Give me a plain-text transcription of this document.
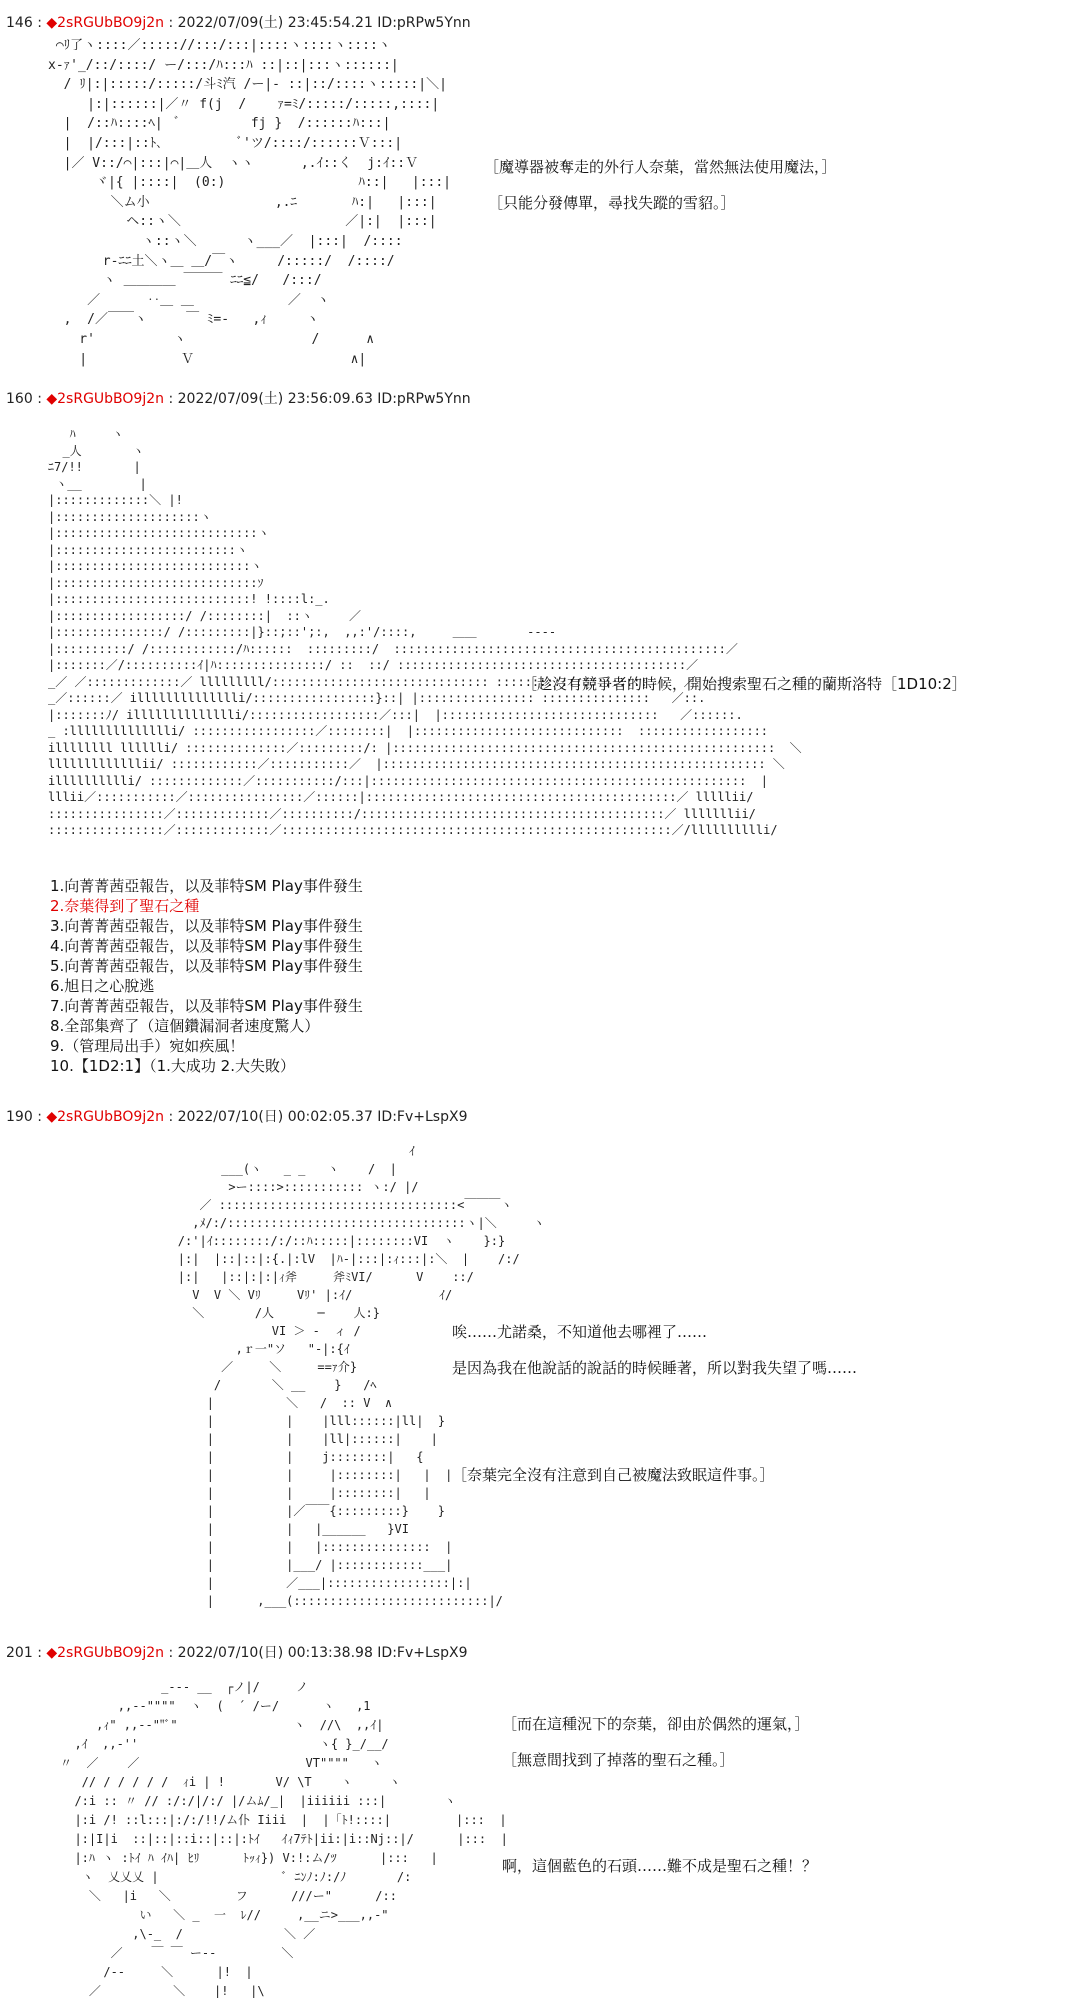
146 : ◆2sRGUbBO9j2n : 2022/07/09(土) 23:45:54.21 ID:pRPw5Ynn
⌒ﾘ了ヽ::::／::::://:::/:::|::::ヽ::::ヽ::::ヽ
x‐ｧ'_/::/::::/ ー/:::/ﾊ:::ﾊ ::|::|:::ヽ::::::|
/ ﾘ|:|:::::/:::::/斗ﾐ汽 /ー|- ::|::/::::ヽ:::::|＼|
|:|::::::|／〃 f(j  /    ｧ=ﾐ/:::::/:::::,::::|
|  /::ﾊ::::ﾍ|  ﾞ         fj }  /::::::ﾊ:::|
|  |/:::|::ﾄ､          ﾞ'ツ/::::/::::::Ｖ:::|
|／ V::/⌒|:::|⌒|＿人  ヽヽ      ,.ｲ::く  j:ｲ::Ｖ
ヾ|{ |::::|  (0:)                 ﾊ::|   |:::|
＼ム小                ,.ﾆ       ﾊ:|   |:::|
ヘ::ヽ＼                     ／|:|  |:::|
ヽ::ヽ＼      ヽ___／  |:::|  /::::
r‐ﾆﾆ土＼ヽ＿ ＿/￣ヽ     /:::::/  /::::/
ヽ ＿＿＿＿ ￣￣￣ ﾆﾆ≦/   /:::/
／      ‥＿ ＿            ／  ヽ
,  /／￣￣ヽ     ￣ ﾐ=-   ,ｨ     ヽ
r'          ヽ                /      ∧
|            Ｖ                    ∧|
［魔導器被奪走的外行人奈葉，當然無法使用魔法，］
［只能分發傳單，尋找失蹤的雪貂。］
160 : ◆2sRGUbBO9j2n : 2022/07/09(土) 23:56:09.63 ID:pRPw5Ynn
ﾊ     ヽ
_人       ヽ
ﾆ7/!!       |
ヽ__        |
|:::::::::::::＼ |!
|::::::::::::::::::::ヽ
|::::::::::::::::::::::::::::ヽ
|:::::::::::::::::::::::::ヽ
|:::::::::::::::::::::::::::ヽ
|::::::::::::::::::::::::::::ｿ
|:::::::::::::::::::::::::::! !::::l:_.
|::::::::::::::::::/ /::::::::|  ::ヽ     ／
|:::::::::::::::/ /:::::::::|}::;::';:,  ,,:'/::::,     ＿＿       ‐‐‐‐
|::::::::::/ /::::::::::::/ﾊ::::::  :::::::::/  ::::::::::::::::::::::::::::::::::::::::::::::／
|:::::::／/::::::::::ｲ|ﾊ:::::::::::::::/ ::  ::/ ::::::::::::::::::::::::::::::::::::::::／
_／ ／:::::::::::::／ lllllllll/:::::::::::::::::::::::::::::: :::::::::::::::::::::     ／
_／::::::／ illlllllllllllli/:::::::::::::::::}::| |:::::::::::::::: :::::::::::::::   ／::.
|:::::::ﾉ/ illlllllllllllli/::::::::::::::::::／:::|  |::::::::::::::::::::::::::::::   ／::::::.
_ :lllllllllllllli/ :::::::::::::::::／::::::::|  |:::::::::::::::::::::::::::::  ::::::::::::::::::
illllllll lllllli/ ::::::::::::::／:::::::::/: |:::::::::::::::::::::::::::::::::::::::::::::::::::::  ＼
lllllllllllllii/ ::::::::::::／:::::::::::／  |::::::::::::::::::::::::::::::::::::::::::::::::::::: ＼
illlllllllli/ :::::::::::::／:::::::::::/:::|::::::::::::::::::::::::::::::::::::::::::::::::::::  |
lllii／:::::::::::／::::::::::::::::／::::::|:::::::::::::::::::::::::::::::::::::::::::／ lllllii/
::::::::::::::::／:::::::::::::／::::::::::/::::::::::::::::::::::::::::::::::::::::::／ lllllllii/
::::::::::::::::／:::::::::::::／::::::::::::::::::::::::::::::::::::::::::::::::::::::／/lllllllllli/
［趁沒有競爭者的時候，開始搜索聖石之種的蘭斯洛特［1D10:2］
1.向菁菁茜亞報告，以及菲特SM Play事件發生
2.奈葉得到了聖石之種
3.向菁菁茜亞報告，以及菲特SM Play事件發生
4.向菁菁茜亞報告，以及菲特SM Play事件發生
5.向菁菁茜亞報告，以及菲特SM Play事件發生
6.旭日之心脫逃
7.向菁菁茜亞報告，以及菲特SM Play事件發生
8.全部集齊了（這個鑽漏洞者速度驚人）
9.（管理局出手）宛如疾風！
10.【1D2:1】（1.大成功 2.大失敗）
190 : ◆2sRGUbBO9j2n : 2022/07/10(日) 00:02:05.37 ID:Fv+LspX9
ｲ
___(ヽ   _ _   ヽ    /  |
>ー::::>::::::::::: ヽ:/ |/
／ :::::::::::::::::::::::::::::::::<￣￣￣ヽ
,ﾒ/:/:::::::::::::::::::::::::::::::::ヽ|＼     ヽ
/:'|ｲ::::::::/:/::ﾊ:::::|::::::::VI  ヽ    }:}
|:|  |::|::|:{.|:lV  |ﾊ-|:::|:ｨ:::|:＼  |    /:/
|:|   |::|:|:|ｨ斧     斧ﾐVI/      V    ::/
V  V ＼ Vﾘ     Vﾘ' |:ｲ/            ｲ/
＼       /人      ─    人:}
VI ＞ -  ィ /
,ｒ一"ソ   "-|:{ｲ
／     ＼     ==ｧ介}
/       ＼ __    }   /ﾍ
|          ＼   /  :: V  ∧
|          |    |lll::::::|ll|  }
|          |    |ll|::::::|    |
|          |    j::::::::|   {
|          |     |::::::::|   |  |
|          |     |::::::::|   |
|          |／￣￣{:::::::::}    }
|          |   |______   }VI
|          |   |:::::::::::::::  |
|          |___/ |::::::::::::___|
|          ／___|:::::::::::::::::|:|
|      ,___(:::::::::::::::::::::::::::|/
唉……尤諾桑，不知道他去哪裡了……
是因為我在他說話的說話的時候睡著，所以對我失望了嗎……
［奈葉完全沒有注意到自己被魔法致眠這件事。］
201 : ◆2sRGUbBO9j2n : 2022/07/10(日) 00:13:38.98 ID:Fv+LspX9
_--- __  ┌ノ|/     ノ
,,-‐""""  ヽ  (  ´ /ー/      ヽ   ,1
,ｨ" ,,-‐""ﾞ"                ヽ  //\  ,,ｲ|
,ｲ  ,,-''                         ヽ{ }_/__/
〃  ／    ／                       VT""""   ヽ
// / / / / /  ｨi | !       V/ \T    ヽ     ヽ
/:i :: 〃 // :/:/|/:/ |/ムﾑ/_|  |iiiiii :::|        ヽ
|:i /! ::l:::|:/:/!!/ム仆 Iiii  |  |「ﾄ!::::|         |:::  |
|:|I|i  ::|::|::i::|::|:ﾄｲ   ｲｨ7ﾃﾄ|ii:|i::Nj::|/      |:::  |
|:ﾊ ヽ :ﾄｲ ﾊ ｲﾊ| ﾋﾘ      ﾄｯｨ}) V:!:ム/ﾂ      |:::   |
ヽ  乂乂乂 |                 ﾞ ﾆﾝﾉ:ﾉ:/ﾉ       /:
＼   |i   ＼         フ      ///ー"      /::
い   ＼ _  一  ﾚ//     ,__ニ>___,,-"
,\-_  /              ＼ ／
／    ￣ ￣ ー--         ＼
/--     ＼      |!  |
／          ＼    |!   |\
［而在這種況下的奈葉，卻由於偶然的運氣，］
［無意間找到了掉落的聖石之種。］
啊，這個藍色的石頭……難不成是聖石之種！？
